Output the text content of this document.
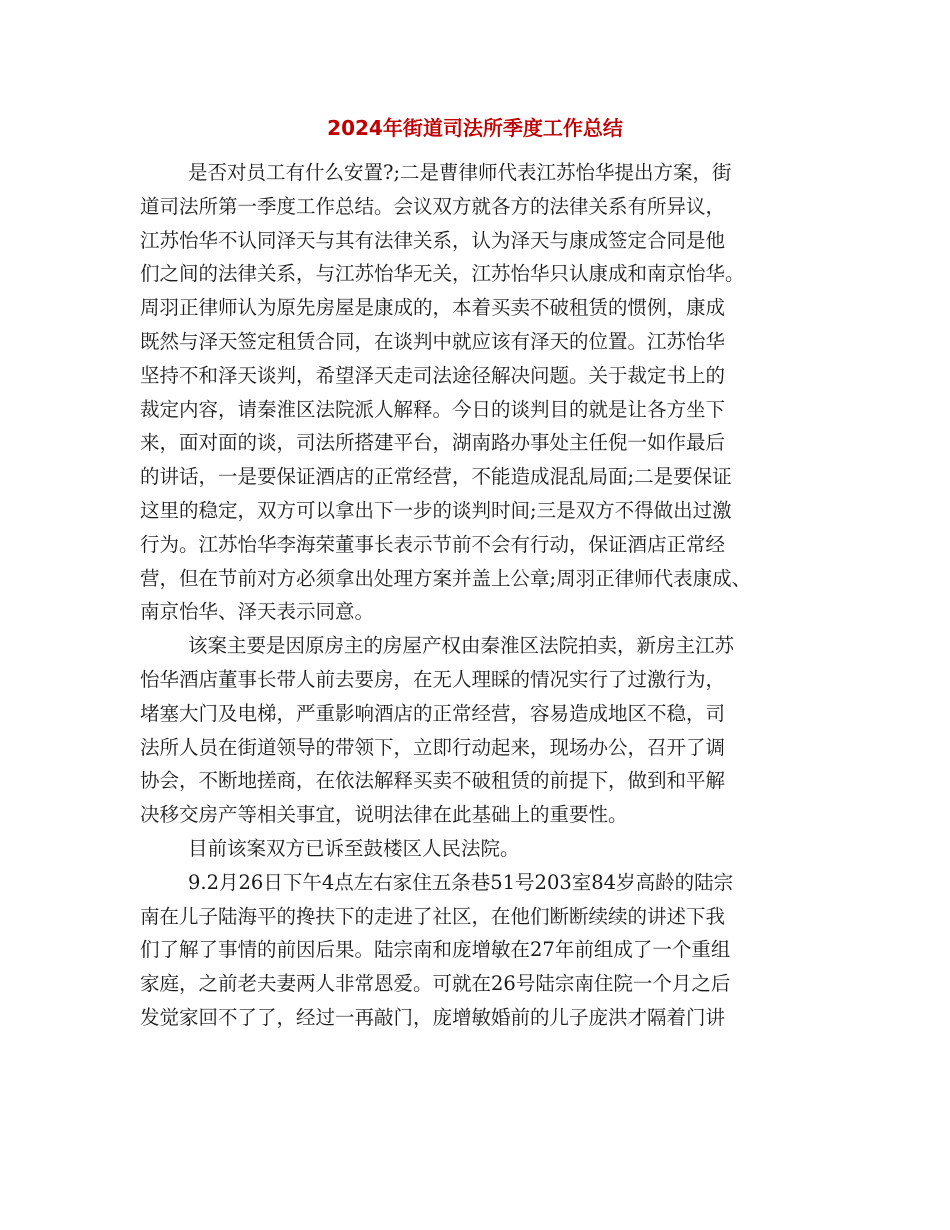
2024年街道司法所季度工作总结
是否对员工有什么安置?;二是曹律师代表江苏怡华提出方案，街
道司法所第一季度工作总结。会议双方就各方的法律关系有所异议，
江苏怡华不认同泽天与其有法律关系，认为泽天与康成签定合同是他
们之间的法律关系，与江苏怡华无关，江苏怡华只认康成和南京怡华。
周羽正律师认为原先房屋是康成的，本着买卖不破租赁的惯例，康成
既然与泽天签定租赁合同，在谈判中就应该有泽天的位置。江苏怡华
坚持不和泽天谈判，希望泽天走司法途径解决问题。关于裁定书上的
裁定内容，请秦淮区法院派人解释。今日的谈判目的就是让各方坐下
来，面对面的谈，司法所搭建平台，湖南路办事处主任倪一如作最后
的讲话，一是要保证酒店的正常经营，不能造成混乱局面;二是要保证
这里的稳定，双方可以拿出下一步的谈判时间;三是双方不得做出过激
行为。江苏怡华李海荣董事长表示节前不会有行动，保证酒店正常经
营，但在节前对方必须拿出处理方案并盖上公章;周羽正律师代表康成、
南京怡华、泽天表示同意。
该案主要是因原房主的房屋产权由秦淮区法院拍卖，新房主江苏
怡华酒店董事长带人前去要房，在无人理睬的情况实行了过激行为，
堵塞大门及电梯，严重影响酒店的正常经营，容易造成地区不稳，司
法所人员在街道领导的带领下，立即行动起来，现场办公，召开了调
协会，不断地搓商，在依法解释买卖不破租赁的前提下，做到和平解
决移交房产等相关事宜，说明法律在此基础上的重要性。
目前该案双方已诉至鼓楼区人民法院。
9.2月26日下午4点左右家住五条巷51号203室84岁高龄的陆宗
南在儿子陆海平的搀扶下的走进了社区，在他们断断续续的讲述下我
们了解了事情的前因后果。陆宗南和庞增敏在27年前组成了一个重组
家庭，之前老夫妻两人非常恩爱。可就在26号陆宗南住院一个月之后
发觉家回不了了，经过一再敲门，庞增敏婚前的儿子庞洪才隔着门讲
